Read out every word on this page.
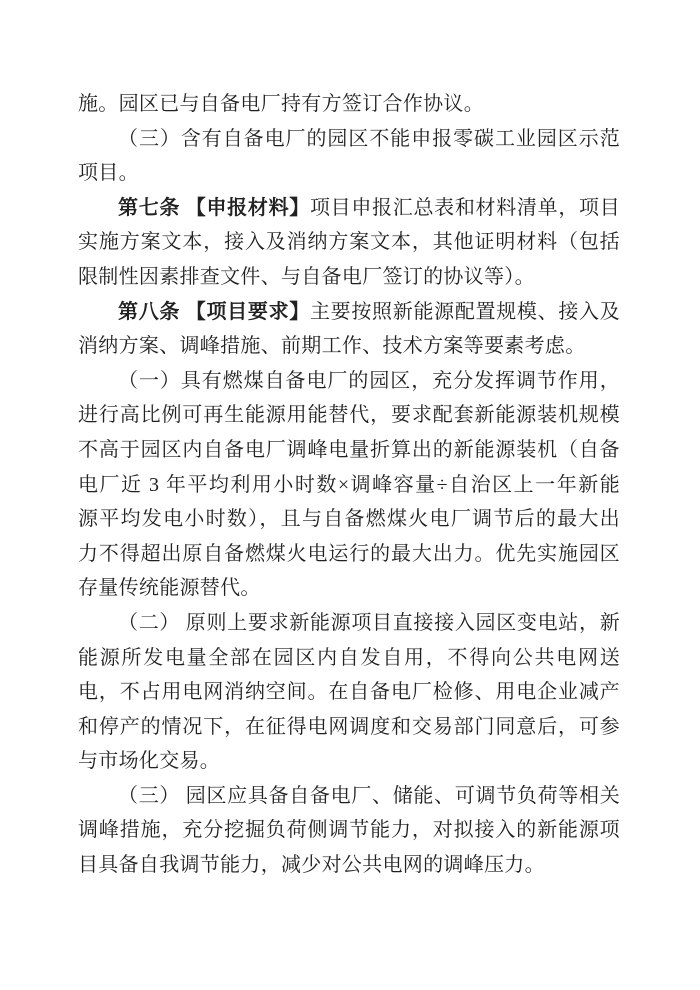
施。园区已与自备电厂持有方签订合作协议。
（三）含有自备电厂的园区不能申报零碳工业园区示范
项目。
第七条 【申报材料】项目申报汇总表和材料清单，项目
实施方案文本，接入及消纳方案文本，其他证明材料（包括
限制性因素排查文件、与自备电厂签订的协议等）。
第八条 【项目要求】主要按照新能源配置规模、接入及
消纳方案、调峰措施、前期工作、技术方案等要素考虑。
（一）具有燃煤自备电厂的园区，充分发挥调节作用，
进行高比例可再生能源用能替代，要求配套新能源装机规模
不高于园区内自备电厂调峰电量折算出的新能源装机（自备
电厂近 3 年平均利用小时数×调峰容量÷自治区上一年新能
源平均发电小时数），且与自备燃煤火电厂调节后的最大出
力不得超出原自备燃煤火电运行的最大出力。优先实施园区
存量传统能源替代。
（二） 原则上要求新能源项目直接接入园区变电站，新
能源所发电量全部在园区内自发自用，不得向公共电网送
电，不占用电网消纳空间。在自备电厂检修、用电企业减产
和停产的情况下，在征得电网调度和交易部门同意后，可参
与市场化交易。
（三） 园区应具备自备电厂、储能、可调节负荷等相关
调峰措施，充分挖掘负荷侧调节能力，对拟接入的新能源项
目具备自我调节能力，减少对公共电网的调峰压力。
